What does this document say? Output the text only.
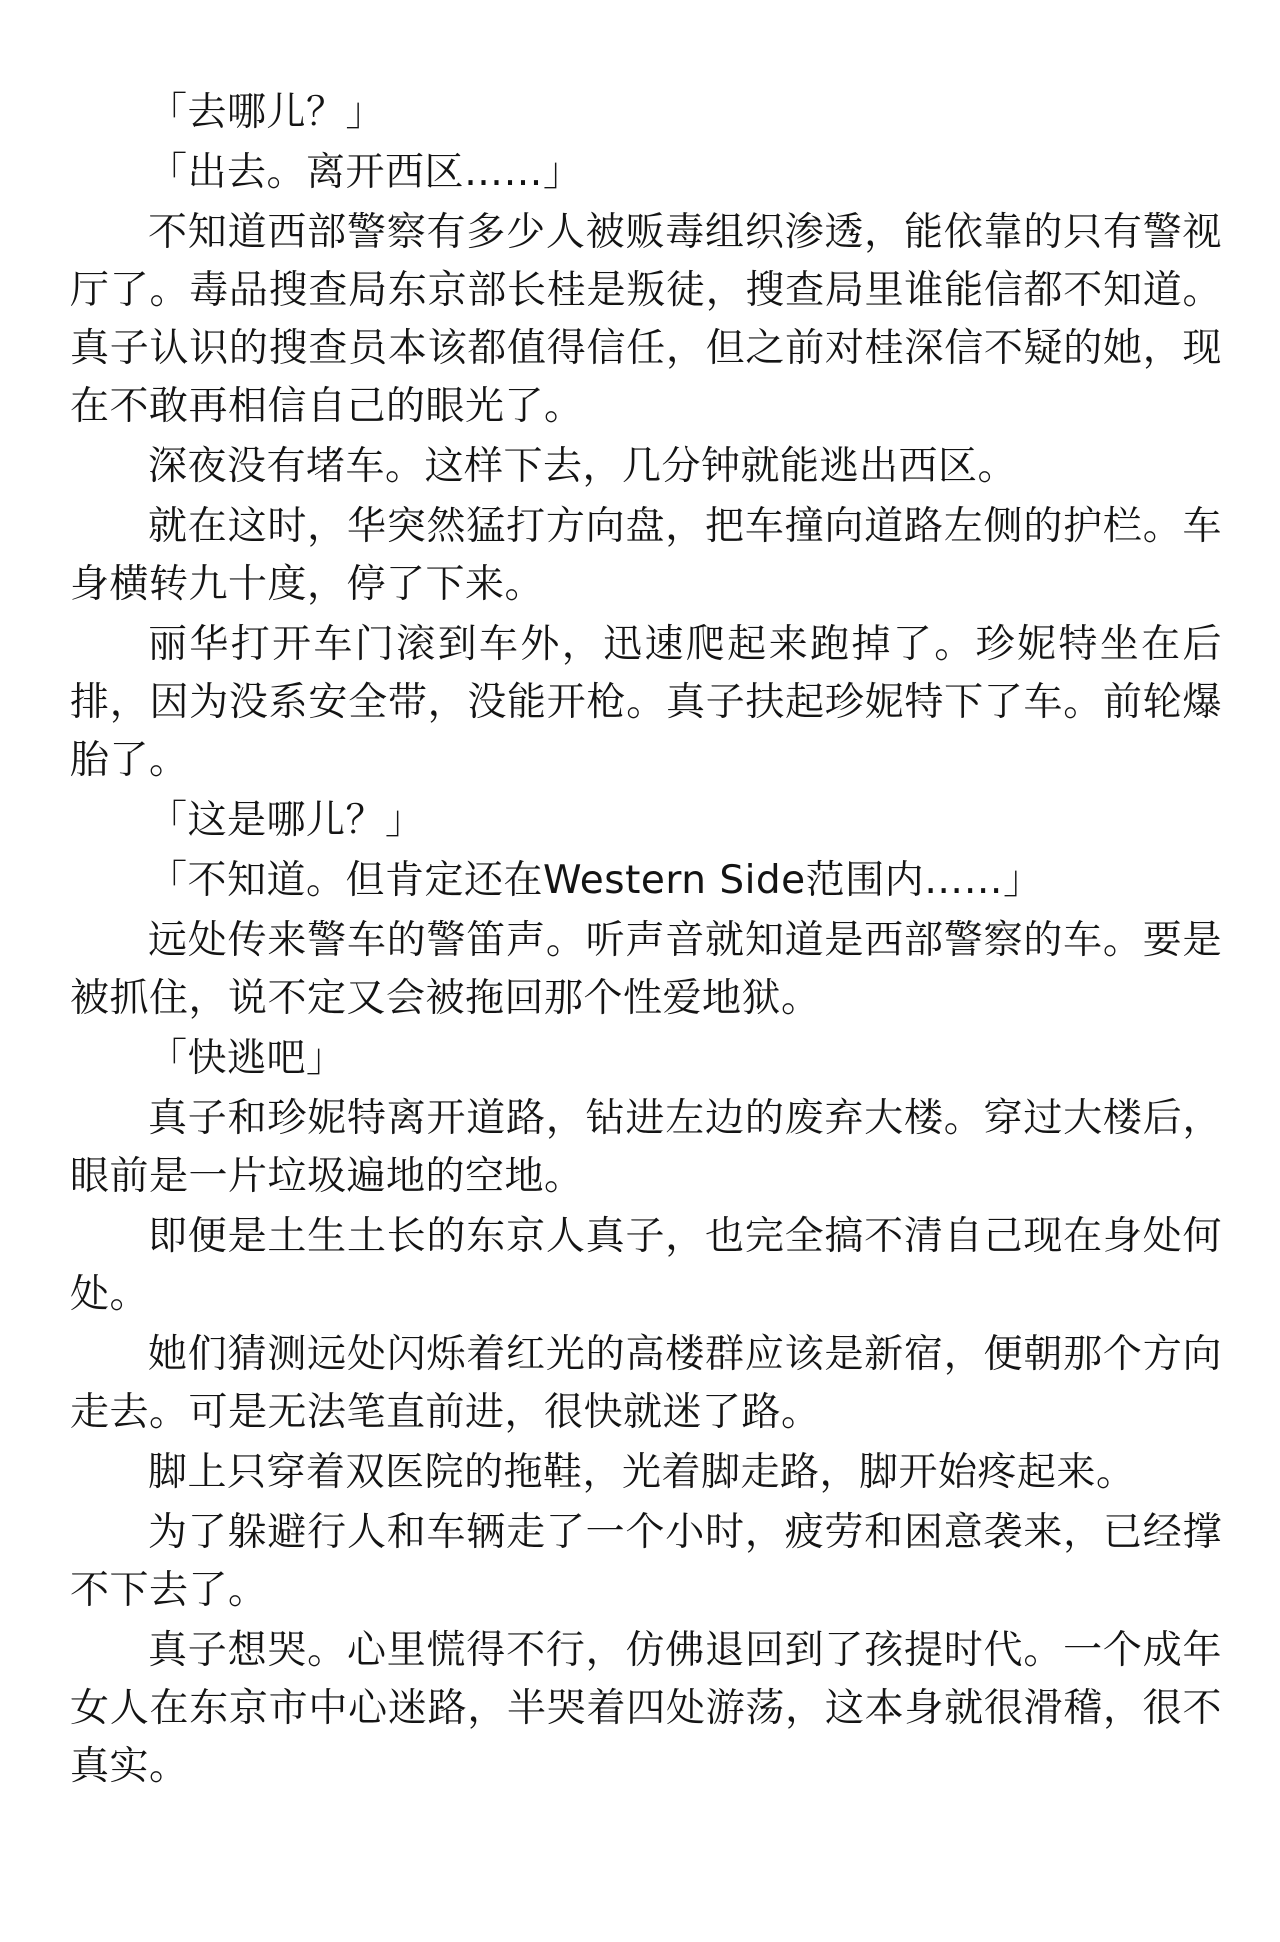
「去哪儿？」

「出去。离开西区……」

不知道西部警察有多少人被贩毒组织渗透，能依靠的只有警视厅了。毒品搜查局东京部长桂是叛徒，搜查局里谁能信都不知道。真子认识的搜查员本该都值得信任，但之前对桂深信不疑的她，现在不敢再相信自己的眼光了。

深夜没有堵车。这样下去，几分钟就能逃出西区。

就在这时，华突然猛打方向盘，把车撞向道路左侧的护栏。车身横转九十度，停了下来。

丽华打开车门滚到车外，迅速爬起来跑掉了。珍妮特坐在后排，因为没系安全带，没能开枪。真子扶起珍妮特下了车。前轮爆胎了。

「这是哪儿？」

「不知道。但肯定还在Western Side范围内……」

远处传来警车的警笛声。听声音就知道是西部警察的车。要是被抓住，说不定又会被拖回那个性爱地狱。

「快逃吧」

真子和珍妮特离开道路，钻进左边的废弃大楼。穿过大楼后，眼前是一片垃圾遍地的空地。

即便是土生土长的东京人真子，也完全搞不清自己现在身处何处。

她们猜测远处闪烁着红光的高楼群应该是新宿，便朝那个方向走去。可是无法笔直前进，很快就迷了路。

脚上只穿着双医院的拖鞋，光着脚走路，脚开始疼起来。

为了躲避行人和车辆走了一个小时，疲劳和困意袭来，已经撑不下去了。

真子想哭。心里慌得不行，仿佛退回到了孩提时代。一个成年女人在东京市中心迷路，半哭着四处游荡，这本身就很滑稽，很不真实。
